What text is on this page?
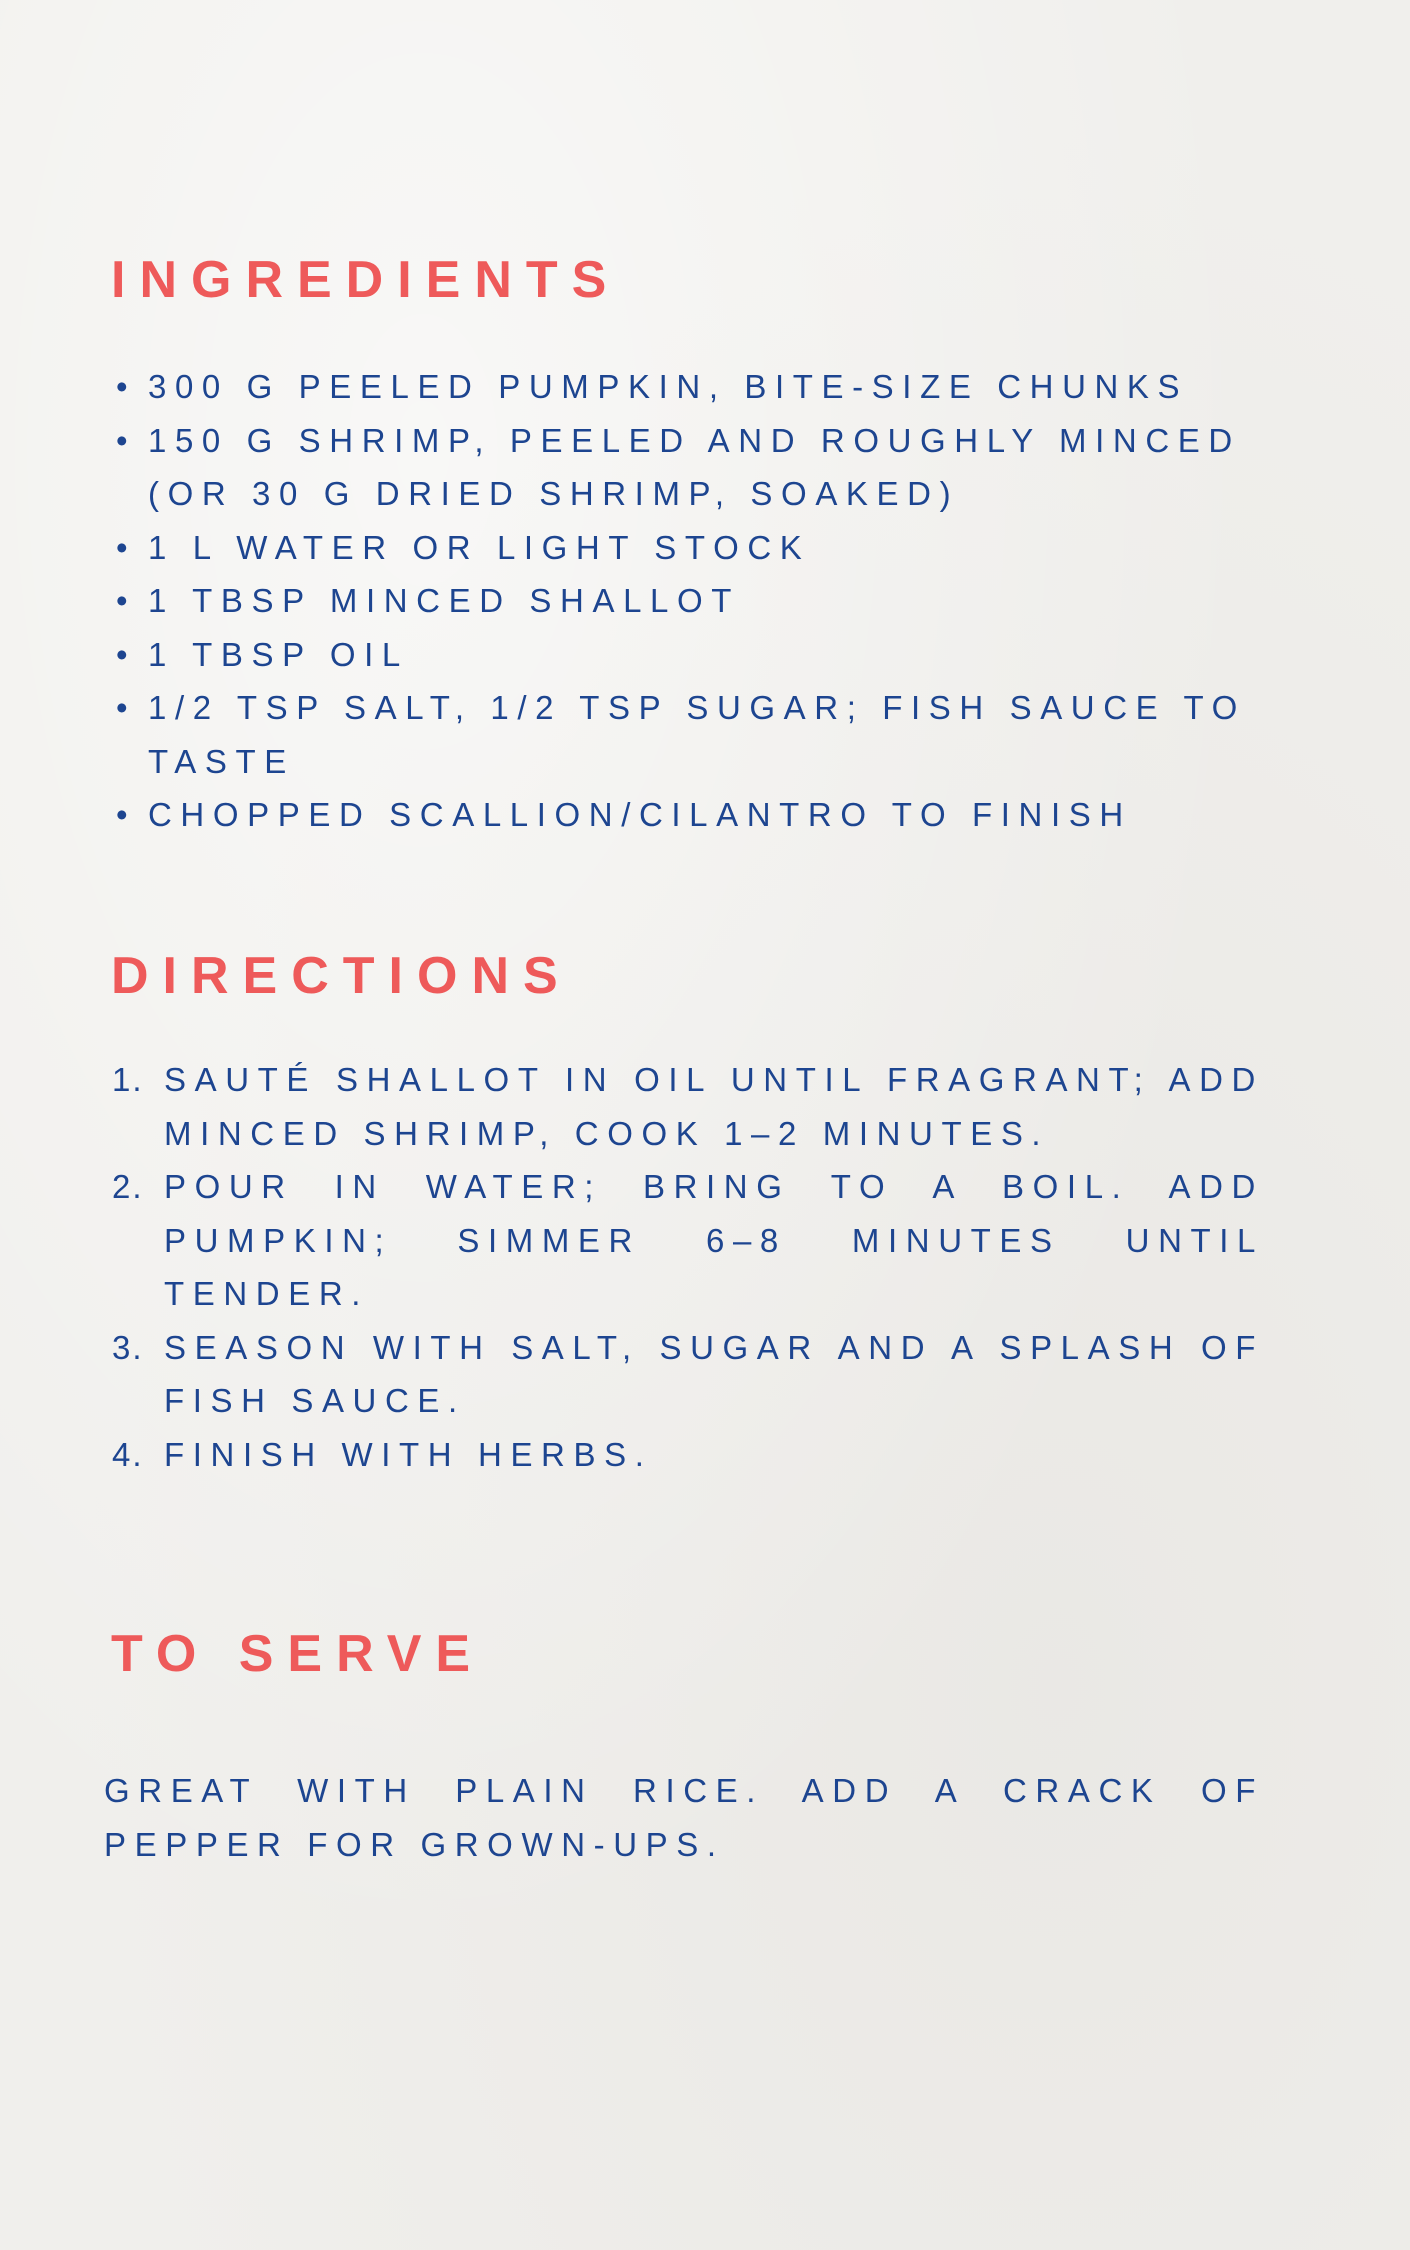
INGREDIENTS
• 300 G PEELED PUMPKIN, BITE-SIZE CHUNKS
• 150 G SHRIMP, PEELED AND ROUGHLY MINCED (OR 30 G DRIED SHRIMP, SOAKED)
• 1 L WATER OR LIGHT STOCK
• 1 TBSP MINCED SHALLOT
• 1 TBSP OIL
• 1/2 TSP SALT, 1/2 TSP SUGAR; FISH SAUCE TO TASTE
• CHOPPED SCALLION/CILANTRO TO FINISH
DIRECTIONS
1. SAUTÉ SHALLOT IN OIL UNTIL FRAGRANT; ADD MINCED SHRIMP, COOK 1–2 MINUTES.
2. POUR IN WATER; BRING TO A BOIL. ADD PUMPKIN; SIMMER 6–8 MINUTES UNTIL TENDER.
3. SEASON WITH SALT, SUGAR AND A SPLASH OF FISH SAUCE.
4. FINISH WITH HERBS.
TO SERVE

GREAT WITH PLAIN RICE. ADD A CRACK OF PEPPER FOR GROWN-UPS.
